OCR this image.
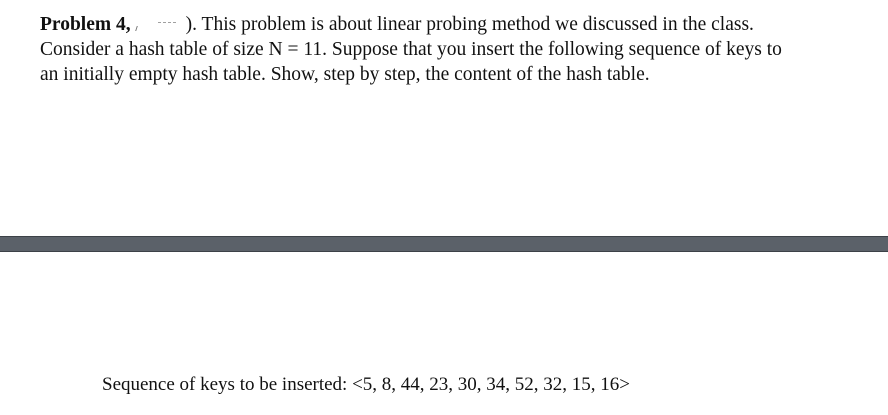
Problem 4,	). This problem is about linear probing method we discussed in the class.
Consider a hash table of size N = 11. Suppose that you insert the following sequence of keys to
an initially empty hash table. Show, step by step, the content of the hash table.
Sequence of keys to be inserted: <5, 8, 44, 23, 30, 34, 52, 32, 15, 16>
